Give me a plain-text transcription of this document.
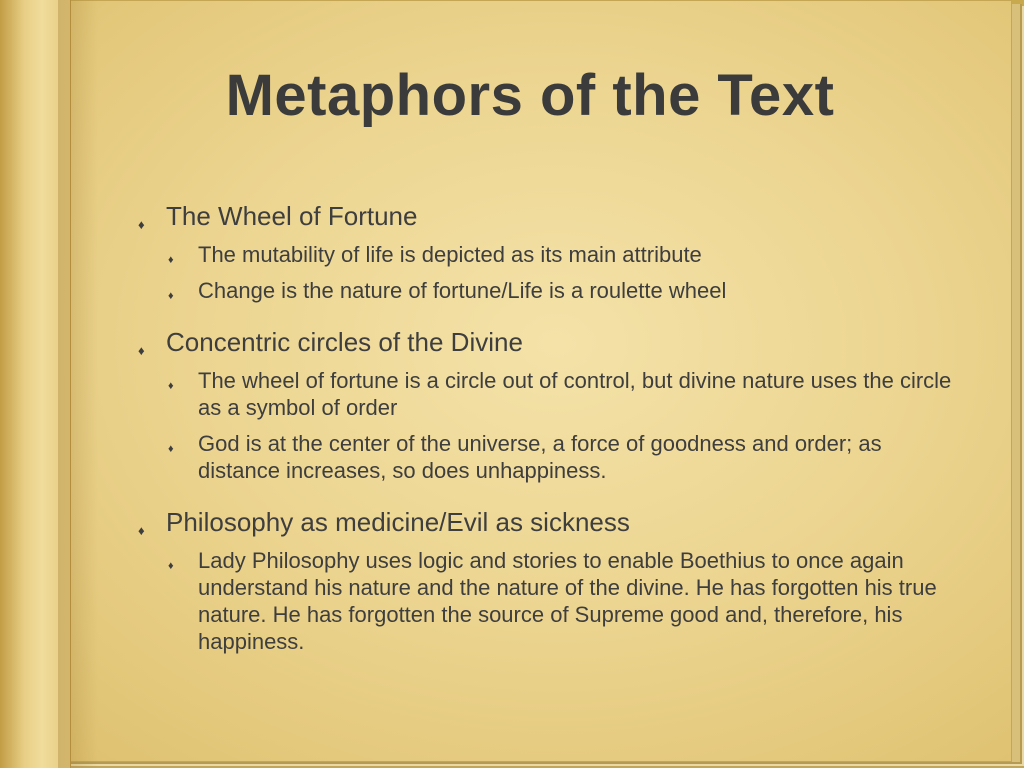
Metaphors of the Text
♦ The Wheel of Fortune
♦ The mutability of life is depicted as its main attribute
♦ Change is the nature of fortune/Life is a roulette wheel
♦ Concentric circles of the Divine
♦ The wheel of fortune is a circle out of control, but divine nature uses the circle as a symbol of order
♦ God is at the center of the universe, a force of goodness and order; as distance increases, so does unhappiness.
♦ Philosophy as medicine/Evil as sickness
♦ Lady Philosophy uses logic and stories to enable Boethius to once again understand his nature and the nature of the divine. He has forgotten his true nature. He has forgotten the source of Supreme good and, therefore, his happiness.
